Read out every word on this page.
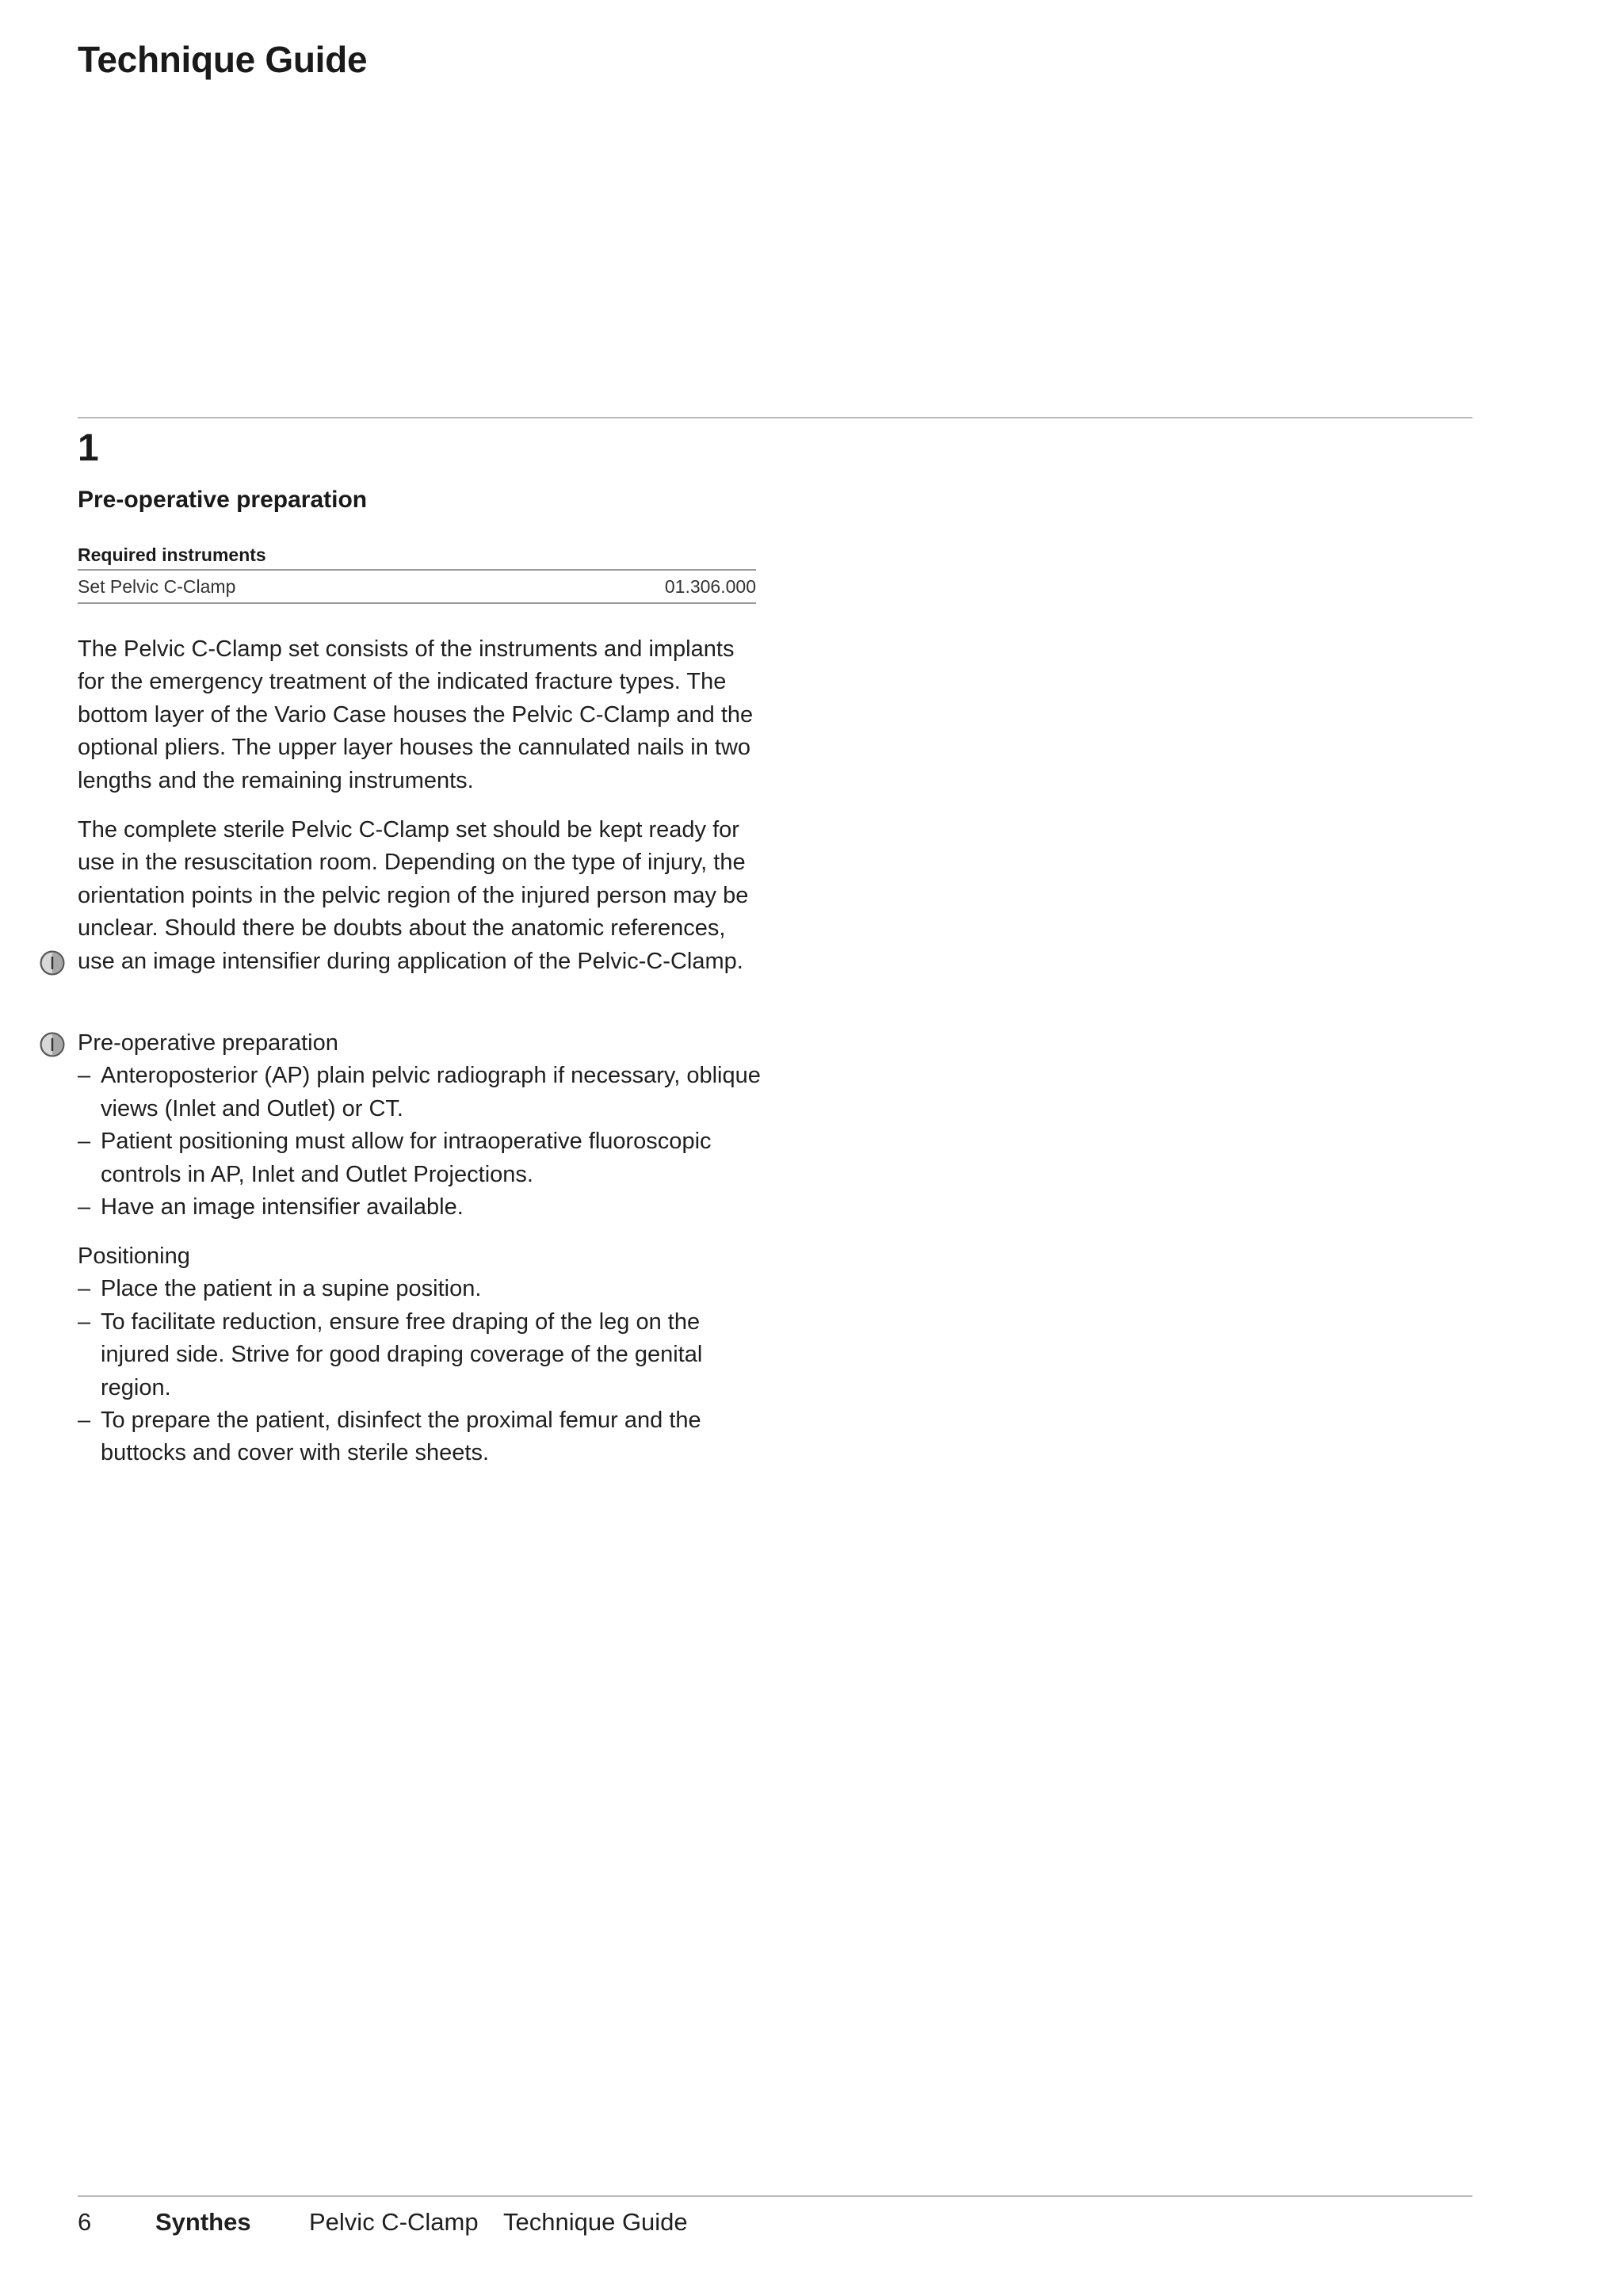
Technique Guide
1
Pre-operative preparation
Required instruments
Set Pelvic C-Clamp	01.306.000

The Pelvic C-Clamp set consists of the instruments and implants for the emergency treatment of the indicated fracture types. The bottom layer of the Vario Case houses the Pelvic C-Clamp and the optional pliers. The upper layer houses the cannulated nails in two lengths and the remaining instruments.

The complete sterile Pelvic C-Clamp set should be kept ready for use in the resuscitation room. Depending on the type of injury, the orientation points in the pelvic region of the injured person may be unclear. Should there be doubts about the anatomic references, use an image intensifier during application of the Pelvic-C-Clamp.

Pre-operative preparation

– Anteroposterior (AP) plain pelvic radiograph if necessary, oblique views (Inlet and Outlet) or CT.
– Patient positioning must allow for intraoperative fluoroscopic controls in AP, Inlet and Outlet Projections.
– Have an image intensifier available.

Positioning

– Place the patient in a supine position.
– To facilitate reduction, ensure free draping of the leg on the injured side. Strive for good draping coverage of the genital region.
– To prepare the patient, disinfect the proximal femur and the buttocks and cover with sterile sheets.
6	Synthes Pelvic C-Clamp Technique Guide
